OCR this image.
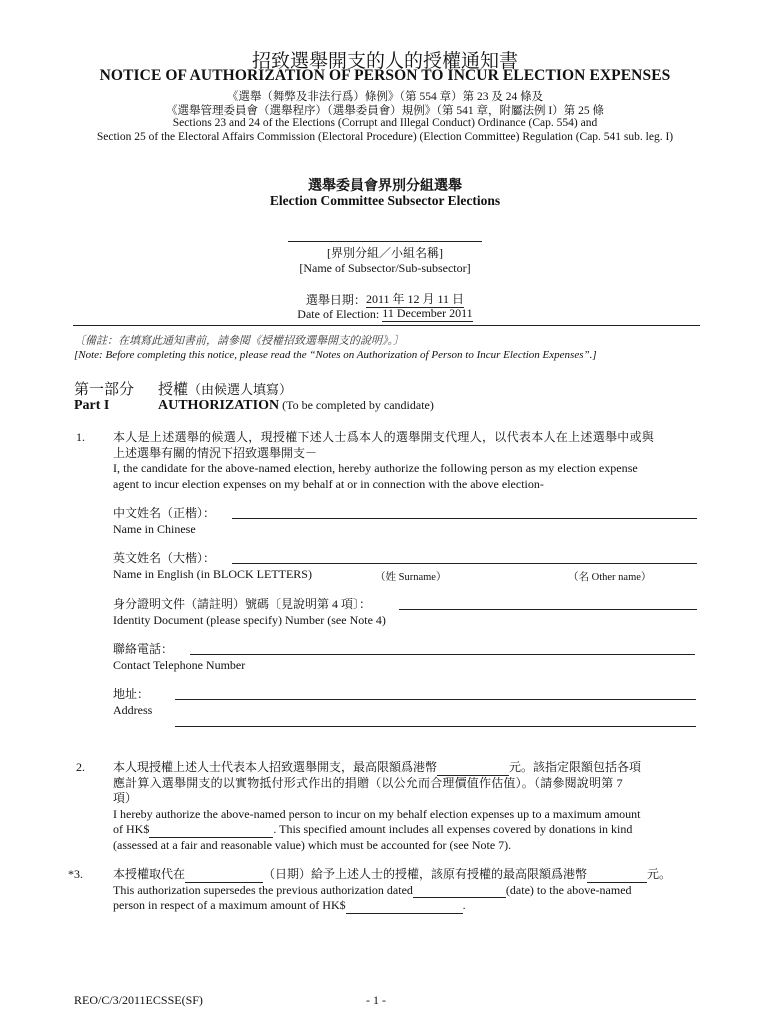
招致選舉開支的人的授權通知書
NOTICE OF AUTHORIZATION OF PERSON TO INCUR ELECTION EXPENSES
《選舉（舞弊及非法行爲）條例》（第 554 章）第 23 及 24 條及
《選舉管理委員會（選舉程序）（選舉委員會）規例》（第 541 章，附屬法例 I）第 25 條
Sections 23 and 24 of the Elections (Corrupt and Illegal Conduct) Ordinance (Cap. 554) and
Section 25 of the Electoral Affairs Commission (Electoral Procedure) (Election Committee) Regulation (Cap. 541 sub. leg. I)
選舉委員會界別分組選舉
Election Committee Subsector Elections
[界別分組／小組名稱]
[Name of Subsector/Sub-subsector]
選舉日期：2011 年 12 月 11 日
Date of Election: 11 December 2011
〔備註：在填寫此通知書前，請參閱《授權招致選舉開支的說明》。〕
[Note: Before completing this notice, please read the “Notes on Authorization of Person to Incur Election Expenses”.]
第一部分
Part I
授權（由候選人填寫）
AUTHORIZATION (To be completed by candidate)
1. 本人是上述選舉的候選人，現授權下述人士爲本人的選舉開支代理人，以代表本人在上述選舉中或與
上述選舉有關的情況下招致選舉開支－
I, the candidate for the above-named election, hereby authorize the following person as my election expense
agent to incur election expenses on my behalf at or in connection with the above election-
中文姓名（正楷）：
Name in Chinese
英文姓名（大楷）：
Name in English (in BLOCK LETTERS)	（姓 Surname）	（名 Other name）
身分證明文件（請註明）號碼〔見說明第 4 項〕：
Identity Document (please specify) Number (see Note 4)
聯絡電話：
Contact Telephone Number
地址：
Address
2. 本人現授權上述人士代表本人招致選舉開支，最高限額爲港幣	元。該指定限額包括各項
應計算入選舉開支的以實物抵付形式作出的捐贈（以公允而合理價值作估值）。（請參閱說明第 7
項）
I hereby authorize the above-named person to incur on my behalf election expenses up to a maximum amount
of HK$	. This specified amount includes all expenses covered by donations in kind
(assessed at a fair and reasonable value) which must be accounted for (see Note 7).
*3.	本授權取代在	（日期）給予上述人士的授權，該原有授權的最高限額爲港幣	元。
This authorization supersedes the previous authorization dated	(date) to the above-named
person in respect of a maximum amount of HK$	.
REO/C/3/2011ECSSE(SF)	- 1 -
